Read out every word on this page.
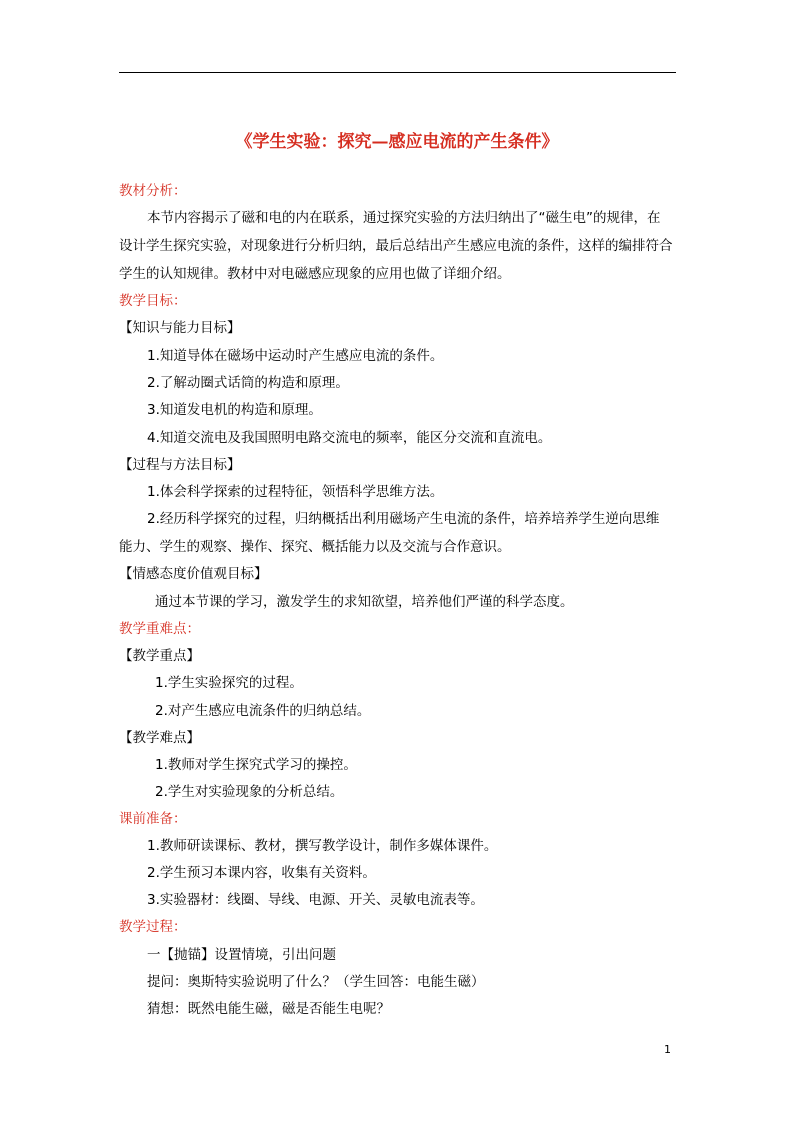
《学生实验：探究—感应电流的产生条件》
教材分析：
本节内容揭示了磁和电的内在联系，通过探究实验的方法归纳出了“磁生电”的规律，在
设计学生探究实验，对现象进行分析归纳，最后总结出产生感应电流的条件，这样的编排符合
学生的认知规律。教材中对电磁感应现象的应用也做了详细介绍。
教学目标：
【知识与能力目标】
1.知道导体在磁场中运动时产生感应电流的条件。
2.了解动圈式话筒的构造和原理。
3.知道发电机的构造和原理。
4.知道交流电及我国照明电路交流电的频率，能区分交流和直流电。
【过程与方法目标】
1.体会科学探索的过程特征，领悟科学思维方法。
2.经历科学探究的过程，归纳概括出利用磁场产生电流的条件，培养培养学生逆向思维
能力、学生的观察、操作、探究、概括能力以及交流与合作意识。
【情感态度价值观目标】
通过本节课的学习，激发学生的求知欲望，培养他们严谨的科学态度。
教学重难点：
【教学重点】
1.学生实验探究的过程。
2.对产生感应电流条件的归纳总结。
【教学难点】
1.教师对学生探究式学习的操控。
2.学生对实验现象的分析总结。
课前准备：
1.教师研读课标、教材，撰写教学设计，制作多媒体课件。
2.学生预习本课内容，收集有关资料。
3.实验器材：线圈、导线、电源、开关、灵敏电流表等。
教学过程：
一【抛锚】设置情境，引出问题
提问：奥斯特实验说明了什么？（学生回答：电能生磁）
猜想：既然电能生磁，磁是否能生电呢？
1
